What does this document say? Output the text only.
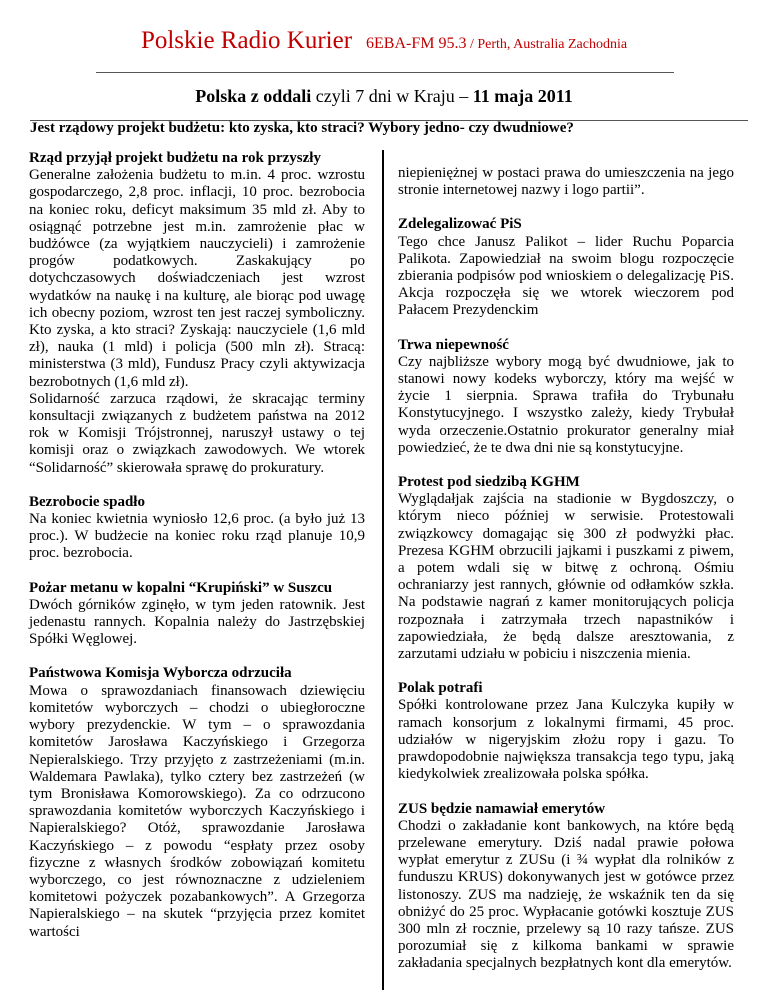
Polskie Radio Kurier 6EBA-FM 95.3 / Perth, Australia Zachodnia
Polska z oddali czyli 7 dni w Kraju – 11 maja 2011
Jest rządowy projekt budżetu: kto zyska, kto straci? Wybory jedno- czy dwudniowe?
Rząd przyjął projekt budżetu na rok przyszły

Generalne założenia budżetu to m.in. 4 proc. wzrostu gospodarczego, 2,8 proc. inflacji, 10 proc. bezrobocia na koniec roku, deficyt maksimum 35 mld zł. Aby to osiągnąć potrzebne jest m.in. zamrożenie płac w budżówce (za wyjątkiem nauczycieli) i zamrożenie progów podatkowych. Zaskakujący po dotychczasowych doświadczeniach jest wzrost wydatków na naukę i na kulturę, ale biorąc pod uwagę ich obecny poziom, wzrost ten jest raczej symboliczny. Kto zyska, a kto straci? Zyskają: nauczyciele (1,6 mld zł), nauka (1 mld) i policja (500 mln zł). Stracą: ministerstwa (3 mld), Fundusz Pracy czyli aktywizacja bezrobotnych (1,6 mld zł).

Solidarność zarzuca rządowi, że skracając terminy konsultacji związanych z budżetem państwa na 2012 rok w Komisji Trójstronnej, naruszył ustawy o tej komisji oraz o związkach zawodowych. We wtorek “Solidarność” skierowała sprawę do prokuratury.

Bezrobocie spadło

Na koniec kwietnia wyniosło 12,6 proc. (a było już 13 proc.). W budżecie na koniec roku rząd planuje 10,9 proc. bezrobocia.

Pożar metanu w kopalni “Krupiński” w Suszcu

Dwóch górników zginęło, w tym jeden ratownik. Jest jedenastu rannych. Kopalnia należy do Jastrzębskiej Spółki Węglowej.

Państwowa Komisja Wyborcza odrzuciła

Mowa o sprawozdaniach finansowach dziewięciu komitetów wyborczych – chodzi o ubiegłoroczne wybory prezydenckie. W tym – o sprawozdania komitetów Jarosława Kaczyńskiego i Grzegorza Nepieralskiego. Trzy przyjęto z zastrzeżeniami (m.in. Waldemara Pawlaka), tylko cztery bez zastrzeżeń (w tym Bronisława Komorowskiego). Za co odrzucono sprawozdania komitetów wyborczych Kaczyńskiego i Napieralskiego? Otóż, sprawozdanie Jarosława Kaczyńskiego – z powodu “espłaty przez osoby fizyczne z własnych środków zobowiązań komitetu wyborczego, co jest równoznaczne z udzieleniem komitetowi pożyczek pozabankowych”. A Grzegorza Napieralskiego – na skutek “przyjęcia przez komitet wartości

niepieniężnej w postaci prawa do umieszczenia na jego stronie internetowej nazwy i logo partii”.

Zdelegalizować PiS

Tego chce Janusz Palikot – lider Ruchu Poparcia Palikota. Zapowiedział na swoim blogu rozpoczęcie zbierania podpisów pod wnioskiem o delegalizację PiS. Akcja rozpoczęła się we wtorek wieczorem pod Pałacem Prezydenckim

Trwa niepewność

Czy najbliższe wybory mogą być dwudniowe, jak to stanowi nowy kodeks wyborczy, który ma wejść w życie 1 sierpnia. Sprawa trafiła do Trybunału Konstytucyjnego. I wszystko zależy, kiedy Trybułał wyda orzeczenie.Ostatnio prokurator generalny miał powiedzieć, że te dwa dni nie są konstytucyjne.

Protest pod siedzibą KGHM

Wyglądałjak zajścia na stadionie w Bygdoszczy, o którym nieco później w serwisie. Protestowali związkowcy domagając się 300 zł podwyżki płac. Prezesa KGHM obrzucili jajkami i puszkami z piwem, a potem wdali się w bitwę z ochroną. Ośmiu ochraniarzy jest rannych, głównie od odłamków szkła. Na podstawie nagrań z kamer monitorujących policja rozpoznała i zatrzymała trzech napastników i zapowiedziała, że będą dalsze aresztowania, z zarzutami udziału w pobiciu i niszczenia mienia.

Polak potrafi

Spółki kontrolowane przez Jana Kulczyka kupiły w ramach konsorjum z lokalnymi firmami, 45 proc. udziałów w nigeryjskim złożu ropy i gazu. To prawdopodobnie największa transakcja tego typu, jaką kiedykolwiek zrealizowała polska spółka.

ZUS będzie namawiał emerytów

Chodzi o zakładanie kont bankowych, na które będą przelewane emerytury. Dziś nadal prawie połowa wypłat emerytur z ZUSu (i ¾ wypłat dla rolników z funduszu KRUS) dokonywanych jest w gotówce przez listonoszy. ZUS ma nadzieję, że wskaźnik ten da się obniżyć do 25 proc. Wypłacanie gotówki kosztuje ZUS 300 mln zł rocznie, przelewy są 10 razy tańsze. ZUS porozumiał się z kilkoma bankami w sprawie zakładania specjalnych bezpłatnych kont dla emerytów.
